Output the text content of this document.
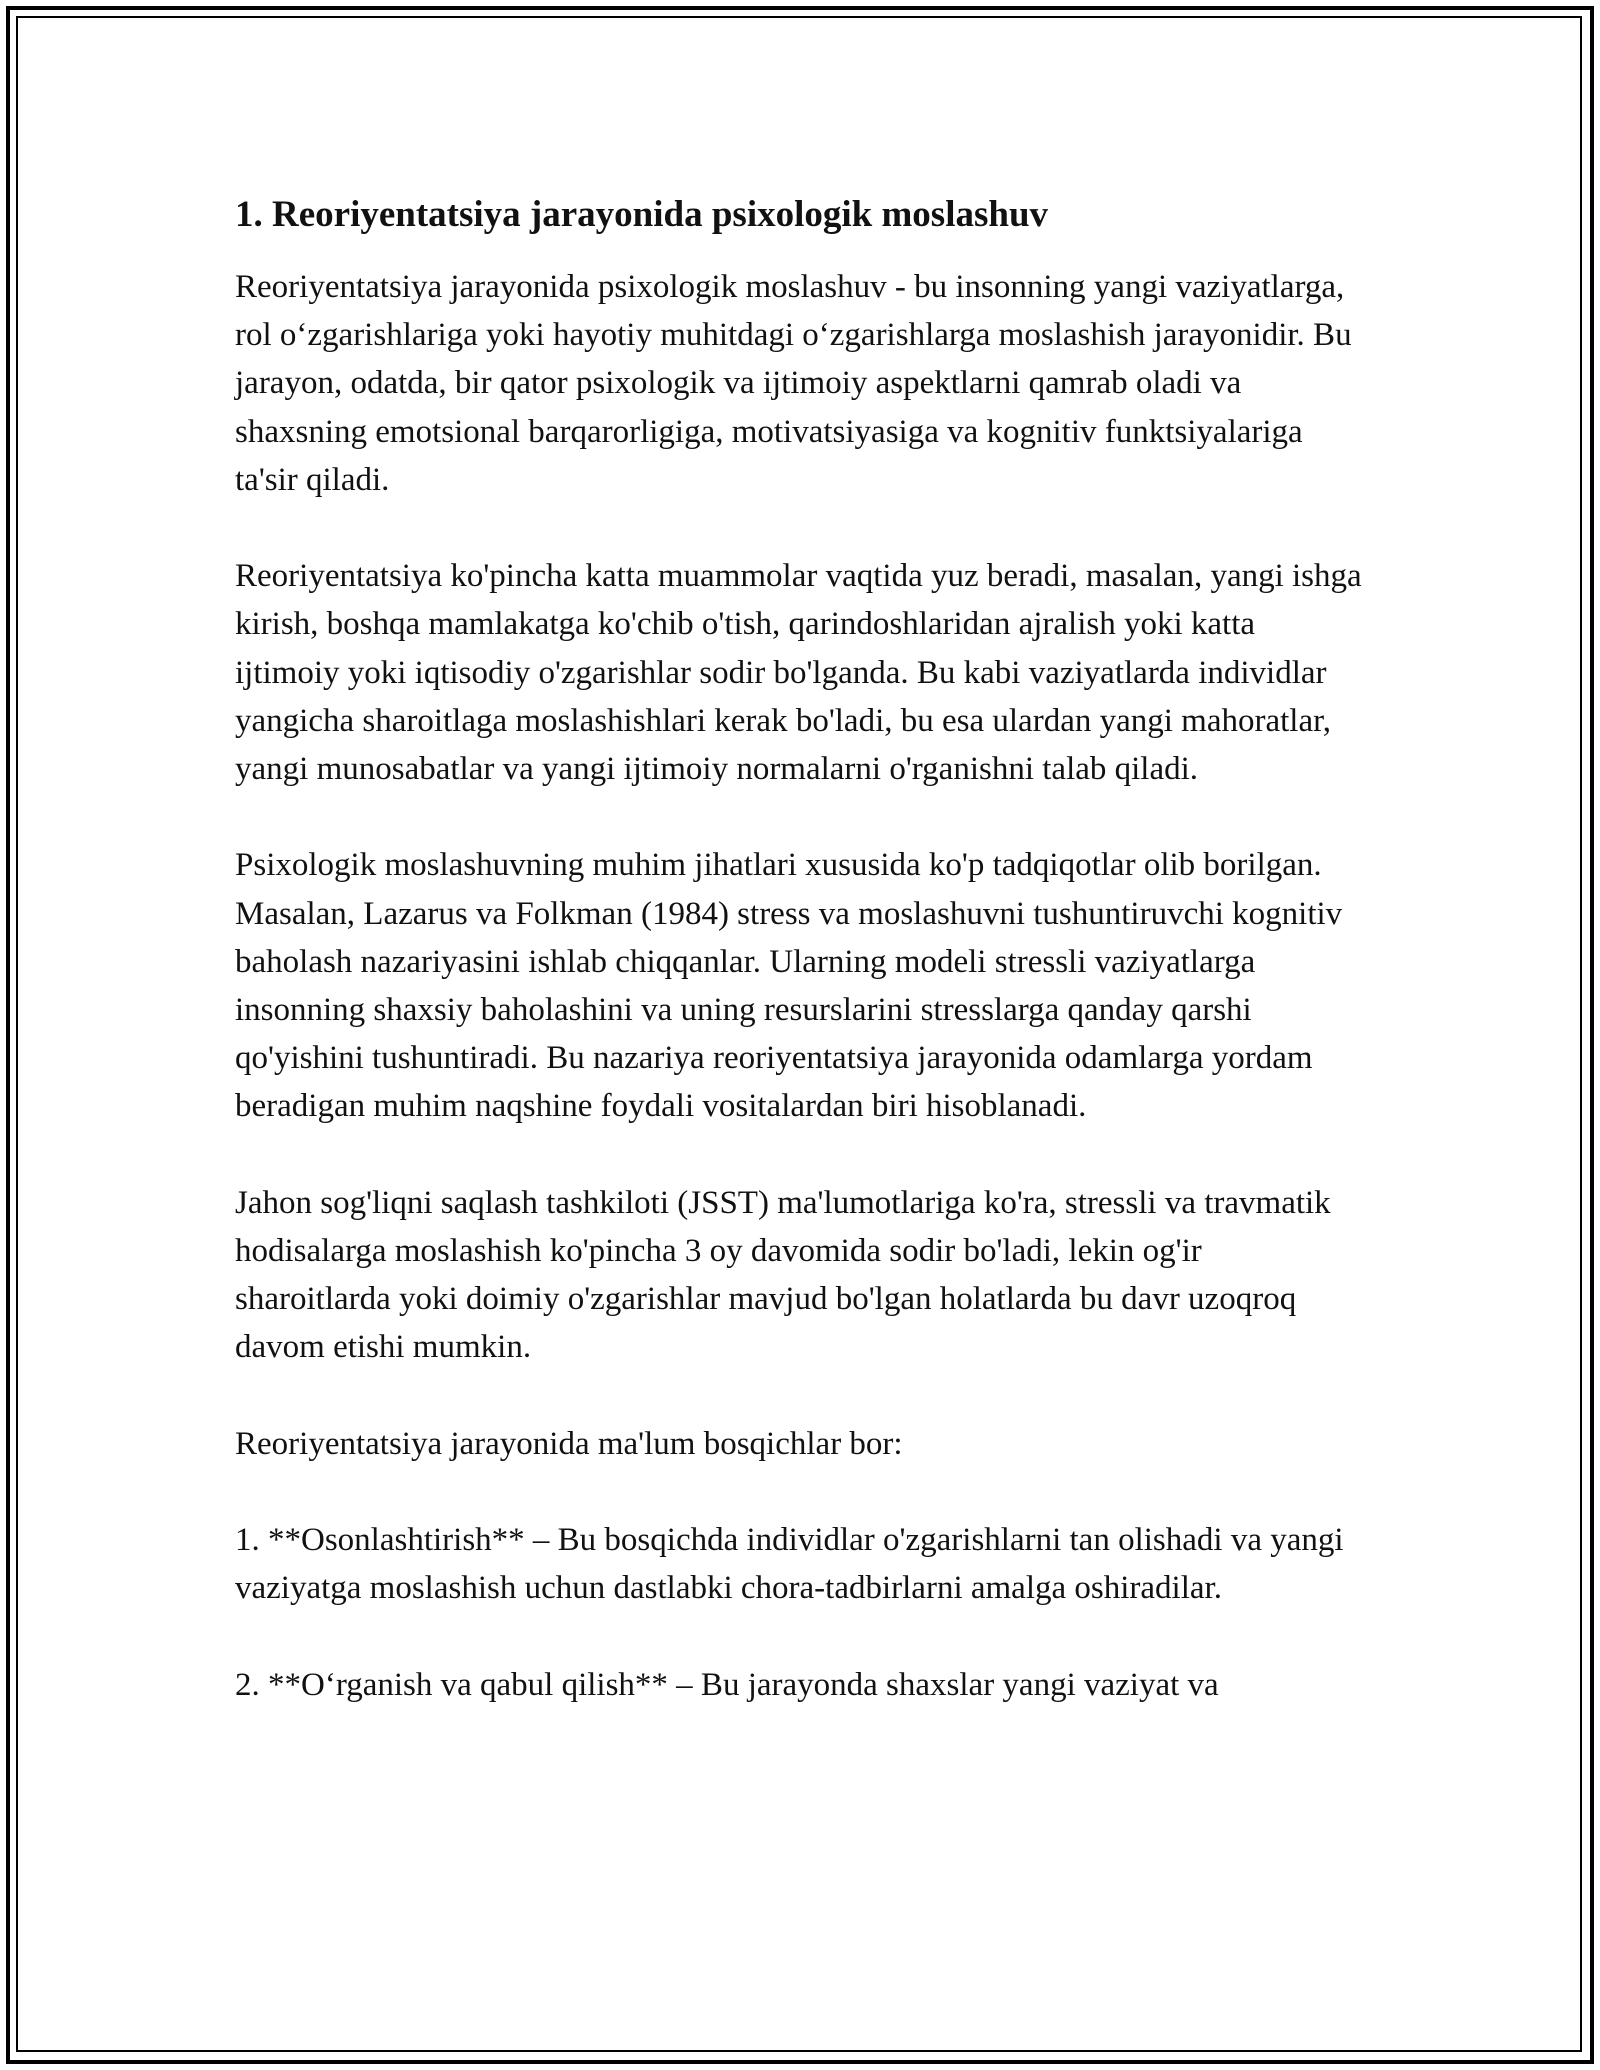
1. Reoriyentatsiya jarayonida psixologik moslashuv

Reoriyentatsiya jarayonida psixologik moslashuv - bu insonning yangi vaziyatlarga, rol o‘zgarishlariga yoki hayotiy muhitdagi o‘zgarishlarga moslashish jarayonidir. Bu jarayon, odatda, bir qator psixologik va ijtimoiy aspektlarni qamrab oladi va shaxsning emotsional barqarorligiga, motivatsiyasiga va kognitiv funktsiyalariga ta'sir qiladi.

Reoriyentatsiya ko'pincha katta muammolar vaqtida yuz beradi, masalan, yangi ishga kirish, boshqa mamlakatga ko'chib o'tish, qarindoshlaridan ajralish yoki katta ijtimoiy yoki iqtisodiy o'zgarishlar sodir bo'lganda. Bu kabi vaziyatlarda individlar yangicha sharoitlaga moslashishlari kerak bo'ladi, bu esa ulardan yangi mahoratlar, yangi munosabatlar va yangi ijtimoiy normalarni o'rganishni talab qiladi.

Psixologik moslashuvning muhim jihatlari xususida ko'p tadqiqotlar olib borilgan. Masalan, Lazarus va Folkman (1984) stress va moslashuvni tushuntiruvchi kognitiv baholash nazariyasini ishlab chiqqanlar. Ularning modeli stressli vaziyatlarga insonning shaxsiy baholashini va uning resurslarini stresslarga qanday qarshi qo'yishini tushuntiradi. Bu nazariya reoriyentatsiya jarayonida odamlarga yordam beradigan muhim naqshine foydali vositalardan biri hisoblanadi.

Jahon sog'liqni saqlash tashkiloti (JSST) ma'lumotlariga ko'ra, stressli va travmatik hodisalarga moslashish ko'pincha 3 oy davomida sodir bo'ladi, lekin og'ir sharoitlarda yoki doimiy o'zgarishlar mavjud bo'lgan holatlarda bu davr uzoqroq davom etishi mumkin.

Reoriyentatsiya jarayonida ma'lum bosqichlar bor:

1. **Osonlashtirish** – Bu bosqichda individlar o'zgarishlarni tan olishadi va yangi vaziyatga moslashish uchun dastlabki chora-tadbirlarni amalga oshiradilar.

2. **O‘rganish va qabul qilish** – Bu jarayonda shaxslar yangi vaziyat va
